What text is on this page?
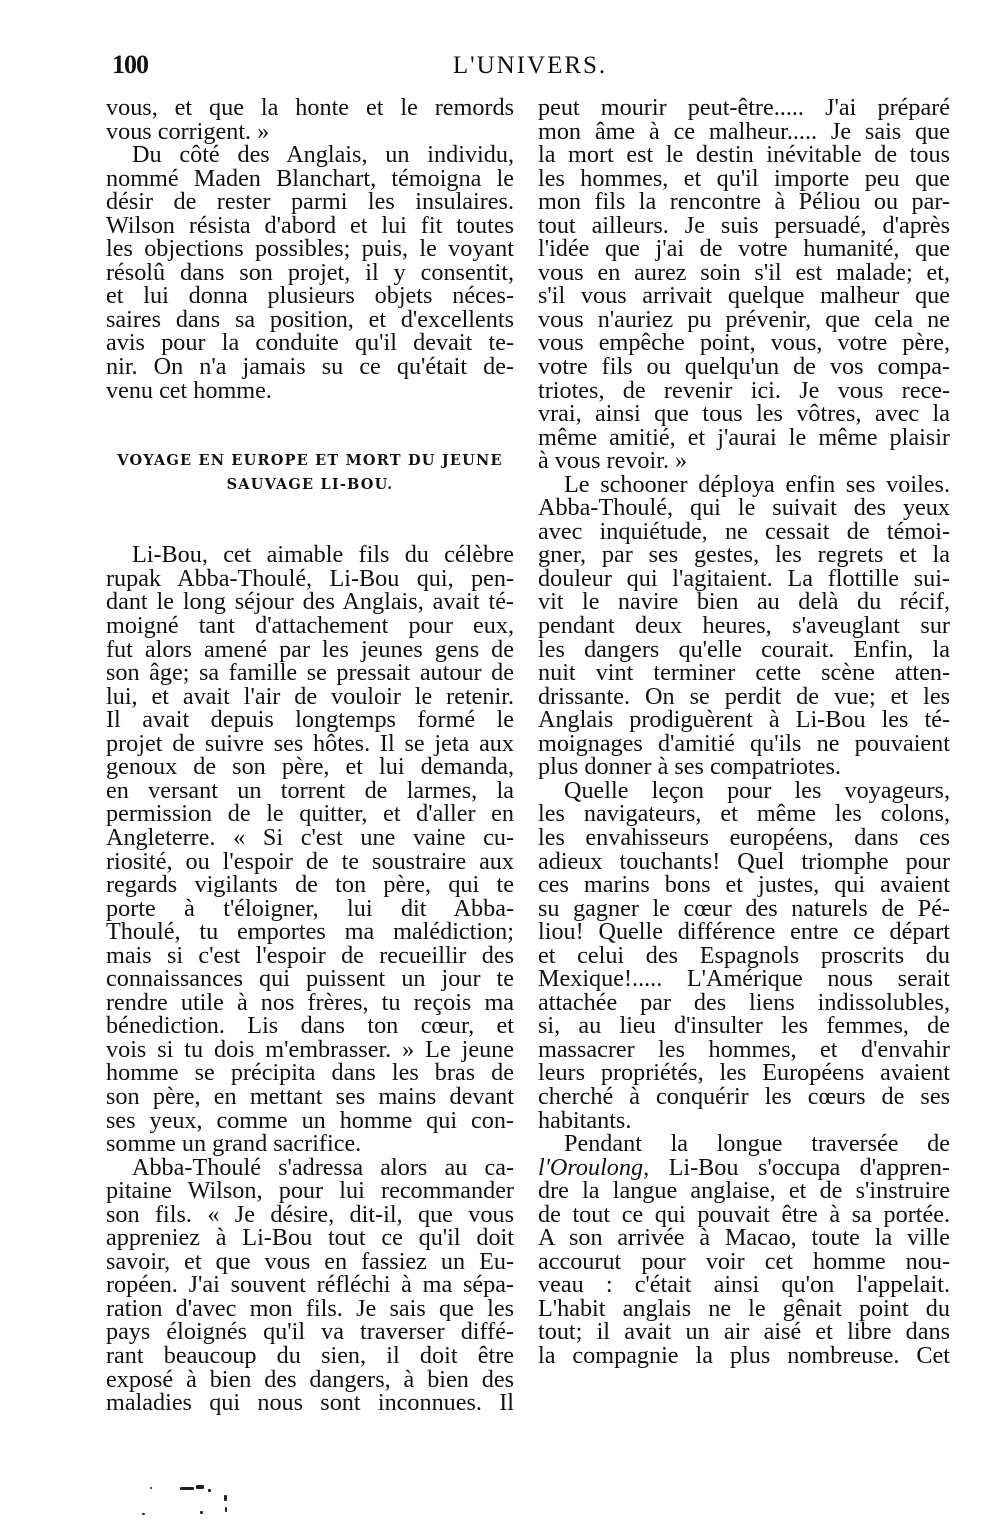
100	L'UNIVERS.
vous, et que la honte et le remords
vous corrigent. »
Du côté des Anglais, un individu,
nommé Maden Blanchart, témoigna le
désir de rester parmi les insulaires.
Wilson résista d'abord et lui fit toutes
les objections possibles; puis, le voyant
résolû dans son projet, il y consentit,
et lui donna plusieurs objets néces-
saires dans sa position, et d'excellents
avis pour la conduite qu'il devait te-
nir. On n'a jamais su ce qu'était de-
venu cet homme.

VOYAGE EN EUROPE ET MORT DU JEUNE
SAUVAGE LI-BOU.

Li-Bou, cet aimable fils du célèbre
rupak Abba-Thoulé, Li-Bou qui, pen-
dant le long séjour des Anglais, avait té-
moigné tant d'attachement pour eux,
fut alors amené par les jeunes gens de
son âge; sa famille se pressait autour de
lui, et avait l'air de vouloir le retenir.
Il avait depuis longtemps formé le
projet de suivre ses hôtes. Il se jeta aux
genoux de son père, et lui demanda,
en versant un torrent de larmes, la
permission de le quitter, et d'aller en
Angleterre. « Si c'est une vaine cu-
riosité, ou l'espoir de te soustraire aux
regards vigilants de ton père, qui te
porte à t'éloigner, lui dit Abba-
Thoulé, tu emportes ma malédiction;
mais si c'est l'espoir de recueillir des
connaissances qui puissent un jour te
rendre utile à nos frères, tu reçois ma
bénediction. Lis dans ton cœur, et
vois si tu dois m'embrasser. » Le jeune
homme se précipita dans les bras de
son père, en mettant ses mains devant
ses yeux, comme un homme qui con-
somme un grand sacrifice.
Abba-Thoulé s'adressa alors au ca-
pitaine Wilson, pour lui recommander
son fils. « Je désire, dit-il, que vous
appreniez à Li-Bou tout ce qu'il doit
savoir, et que vous en fassiez un Eu-
ropéen. J'ai souvent réfléchi à ma sépa-
ration d'avec mon fils. Je sais que les
pays éloignés qu'il va traverser diffé-
rant beaucoup du sien, il doit être
exposé à bien des dangers, à bien des
maladies qui nous sont inconnues. Il
peut mourir peut-être..... J'ai préparé
mon âme à ce malheur..... Je sais que
la mort est le destin inévitable de tous
les hommes, et qu'il importe peu que
mon fils la rencontre à Péliou ou par-
tout ailleurs. Je suis persuadé, d'après
l'idée que j'ai de votre humanité, que
vous en aurez soin s'il est malade; et,
s'il vous arrivait quelque malheur que
vous n'auriez pu prévenir, que cela ne
vous empêche point, vous, votre père,
votre fils ou quelqu'un de vos compa-
triotes, de revenir ici. Je vous rece-
vrai, ainsi que tous les vôtres, avec la
même amitié, et j'aurai le même plaisir
à vous revoir. »
Le schooner déploya enfin ses voiles.
Abba-Thoulé, qui le suivait des yeux
avec inquiétude, ne cessait de témoi-
gner, par ses gestes, les regrets et la
douleur qui l'agitaient. La flottille sui-
vit le navire bien au delà du récif,
pendant deux heures, s'aveuglant sur
les dangers qu'elle courait. Enfin, la
nuit vint terminer cette scène atten-
drissante. On se perdit de vue; et les
Anglais prodiguèrent à Li-Bou les té-
moignages d'amitié qu'ils ne pouvaient
plus donner à ses compatriotes.
Quelle leçon pour les voyageurs,
les navigateurs, et même les colons,
les envahisseurs européens, dans ces
adieux touchants! Quel triomphe pour
ces marins bons et justes, qui avaient
su gagner le cœur des naturels de Pé-
liou! Quelle différence entre ce départ
et celui des Espagnols proscrits du
Mexique!..... L'Amérique nous serait
attachée par des liens indissolubles,
si, au lieu d'insulter les femmes, de
massacrer les hommes, et d'envahir
leurs propriétés, les Européens avaient
cherché à conquérir les cœurs de ses
habitants.
Pendant la longue traversée de
l'Oroulong, Li-Bou s'occupa d'appren-
dre la langue anglaise, et de s'instruire
de tout ce qui pouvait être à sa portée.
A son arrivée à Macao, toute la ville
accourut pour voir cet homme nou-
veau : c'était ainsi qu'on l'appelait.
L'habit anglais ne le gênait point du
tout; il avait un air aisé et libre dans
la compagnie la plus nombreuse. Cet
